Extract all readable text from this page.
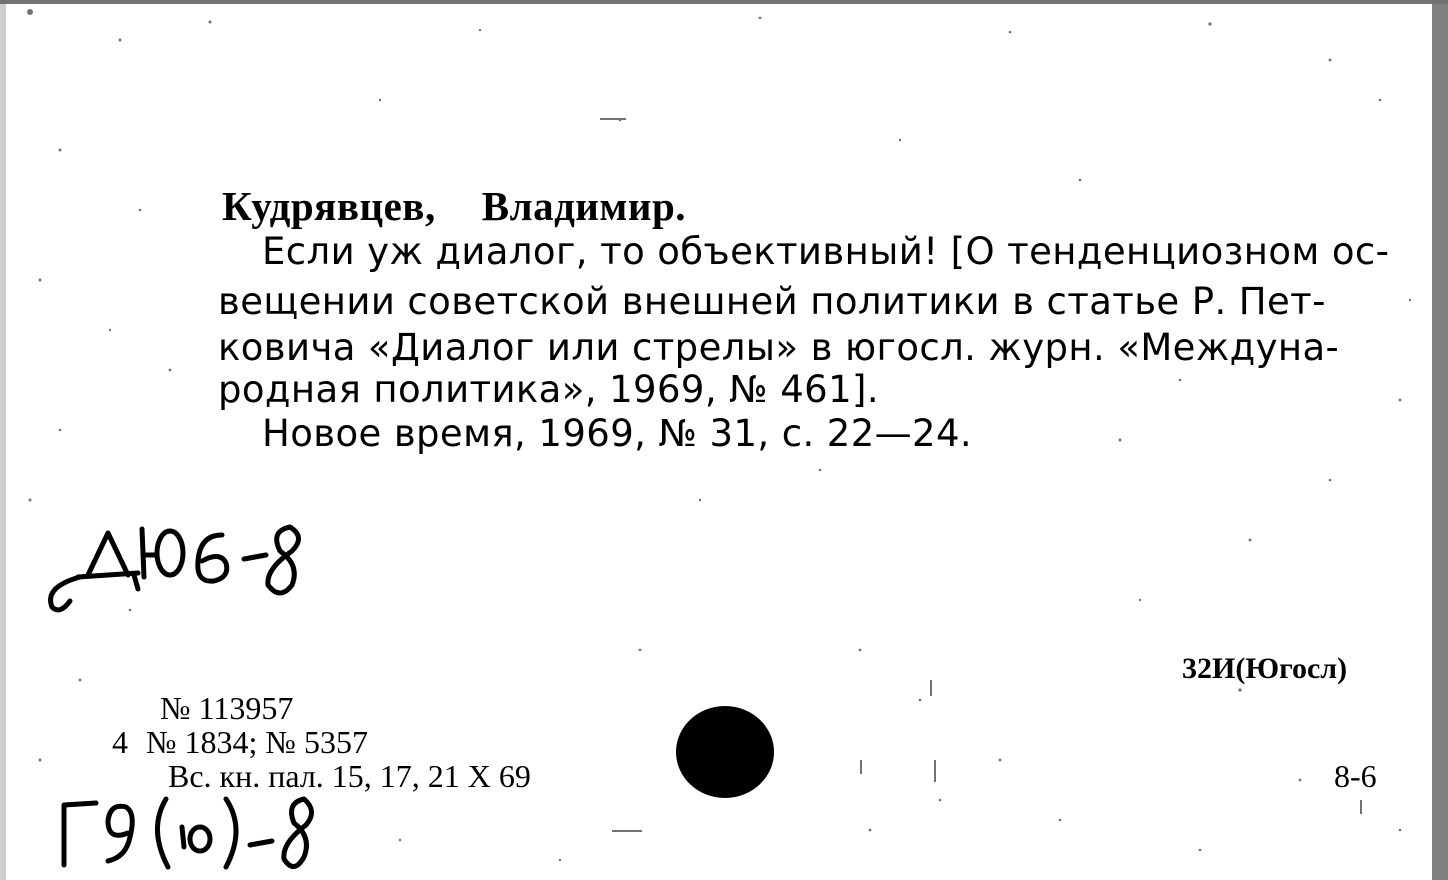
Кудрявцев, Владимир.
Если уж диалог, то объективный! [О тенденциозном ос-
вещении советской внешней политики в статье Р. Пет-
ковича «Диалог или стрелы» в югосл. журн. «Междуна-
родная политика», 1969, № 461].
Новое время, 1969, № 31, с. 22—24.
32И(Югосл)
№ 113957
4 № 1834; № 5357
Вс. кн. пал. 15, 17, 21 X 69	8-6
